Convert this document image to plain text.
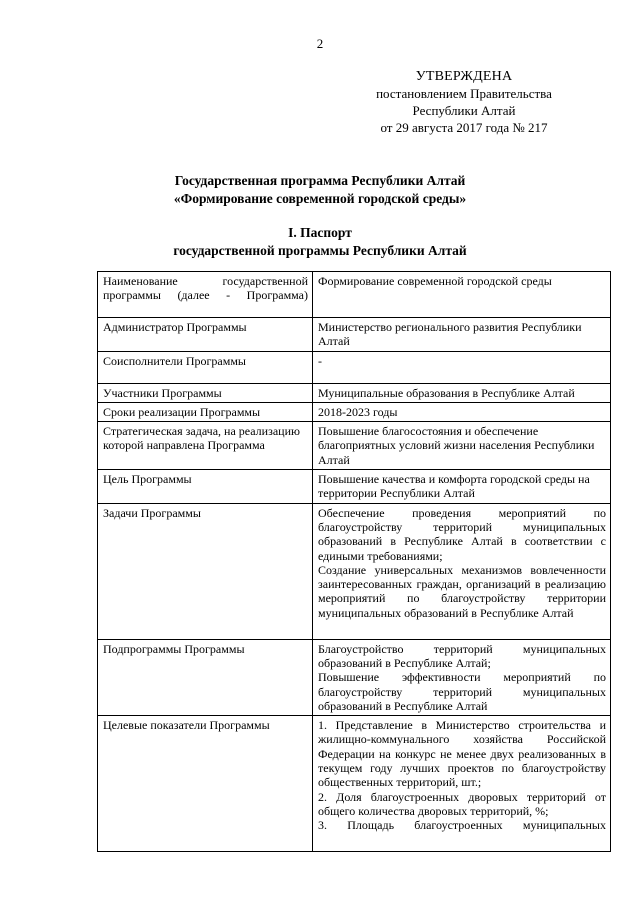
2
УТВЕРЖДЕНА
постановлением Правительства
Республики Алтай
от 29 августа 2017 года № 217
Государственная программа Республики Алтай
«Формирование современной городской среды»
I. Паспорт
государственной программы Республики Алтай
Наименование государственной программы (далее - Программа)	Формирование современной городской среды

Администратор Программы	Министерство регионального развития Республики Алтай

Соисполнители Программы	-

Участники Программы	Муниципальные образования в Республике Алтай

Сроки реализации Программы	2018-2023 годы

Стратегическая задача, на реализацию которой направлена Программа	Повышение благосостояния и обеспечение благоприятных условий жизни населения Республики Алтай

Цель Программы	Повышение качества и комфорта городской среды на территории Республики Алтай

Задачи Программы	Обеспечение проведения мероприятий по благоустройству территорий муниципальных образований в Республике Алтай в соответствии с едиными требованиями;
Создание универсальных механизмов вовлеченности заинтересованных граждан, организаций в реализацию мероприятий по благоустройству территории муниципальных образований в Республике Алтай

Подпрограммы Программы	Благоустройство территорий муниципальных образований в Республике Алтай;
Повышение эффективности мероприятий по благоустройству территорий муниципальных образований в Республике Алтай

Целевые показатели Программы	1. Представление в Министерство строительства и жилищно-коммунального хозяйства Российской Федерации на конкурс не менее двух реализованных в текущем году лучших проектов по благоустройству общественных территорий, шт.;
2. Доля благоустроенных дворовых территорий от общего количества дворовых территорий, %;
3. Площадь благоустроенных муниципальных
